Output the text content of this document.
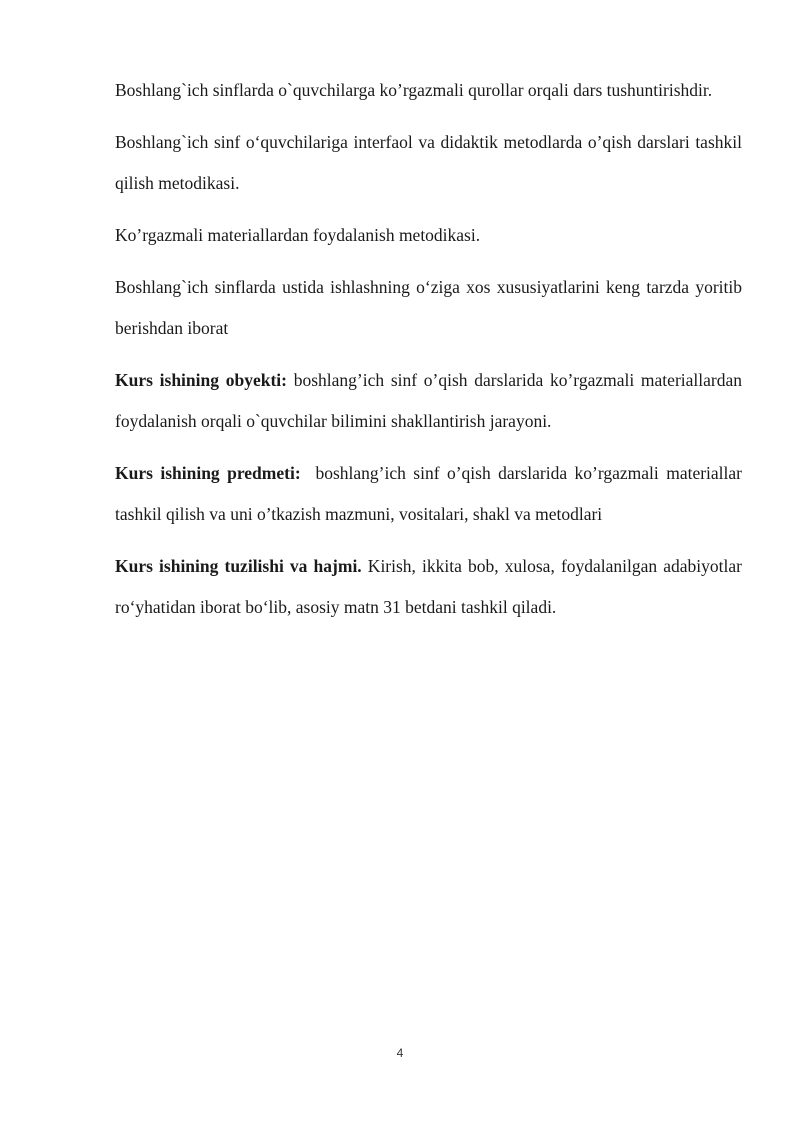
Boshlang`ich sinflarda o`quvchilarga ko’rgazmali qurollar orqali dars tushuntirishdir.

Boshlang`ich sinf o‘quvchilariga interfaol va didaktik metodlarda o’qish darslari tashkil qilish metodikasi.

Ko’rgazmali materiallardan foydalanish metodikasi.

Boshlang`ich sinflarda ustida ishlashning o‘ziga xos xususiyatlarini keng tarzda yoritib berishdan iborat

Kurs ishining obyekti: boshlang’ich sinf o’qish darslarida ko’rgazmali materiallardan foydalanish orqali o`quvchilar bilimini shakllantirish jarayoni.

Kurs ishining predmeti:  boshlang’ich sinf o’qish darslarida ko’rgazmali materiallar tashkil qilish va uni o’tkazish mazmuni, vositalari, shakl va metodlari

Kurs ishining tuzilishi va hajmi. Kirish, ikkita bob, xulosa, foydalanilgan adabiyotlar ro‘yhatidan iborat bo‘lib, asosiy matn 31 betdani tashkil qiladi.

4
